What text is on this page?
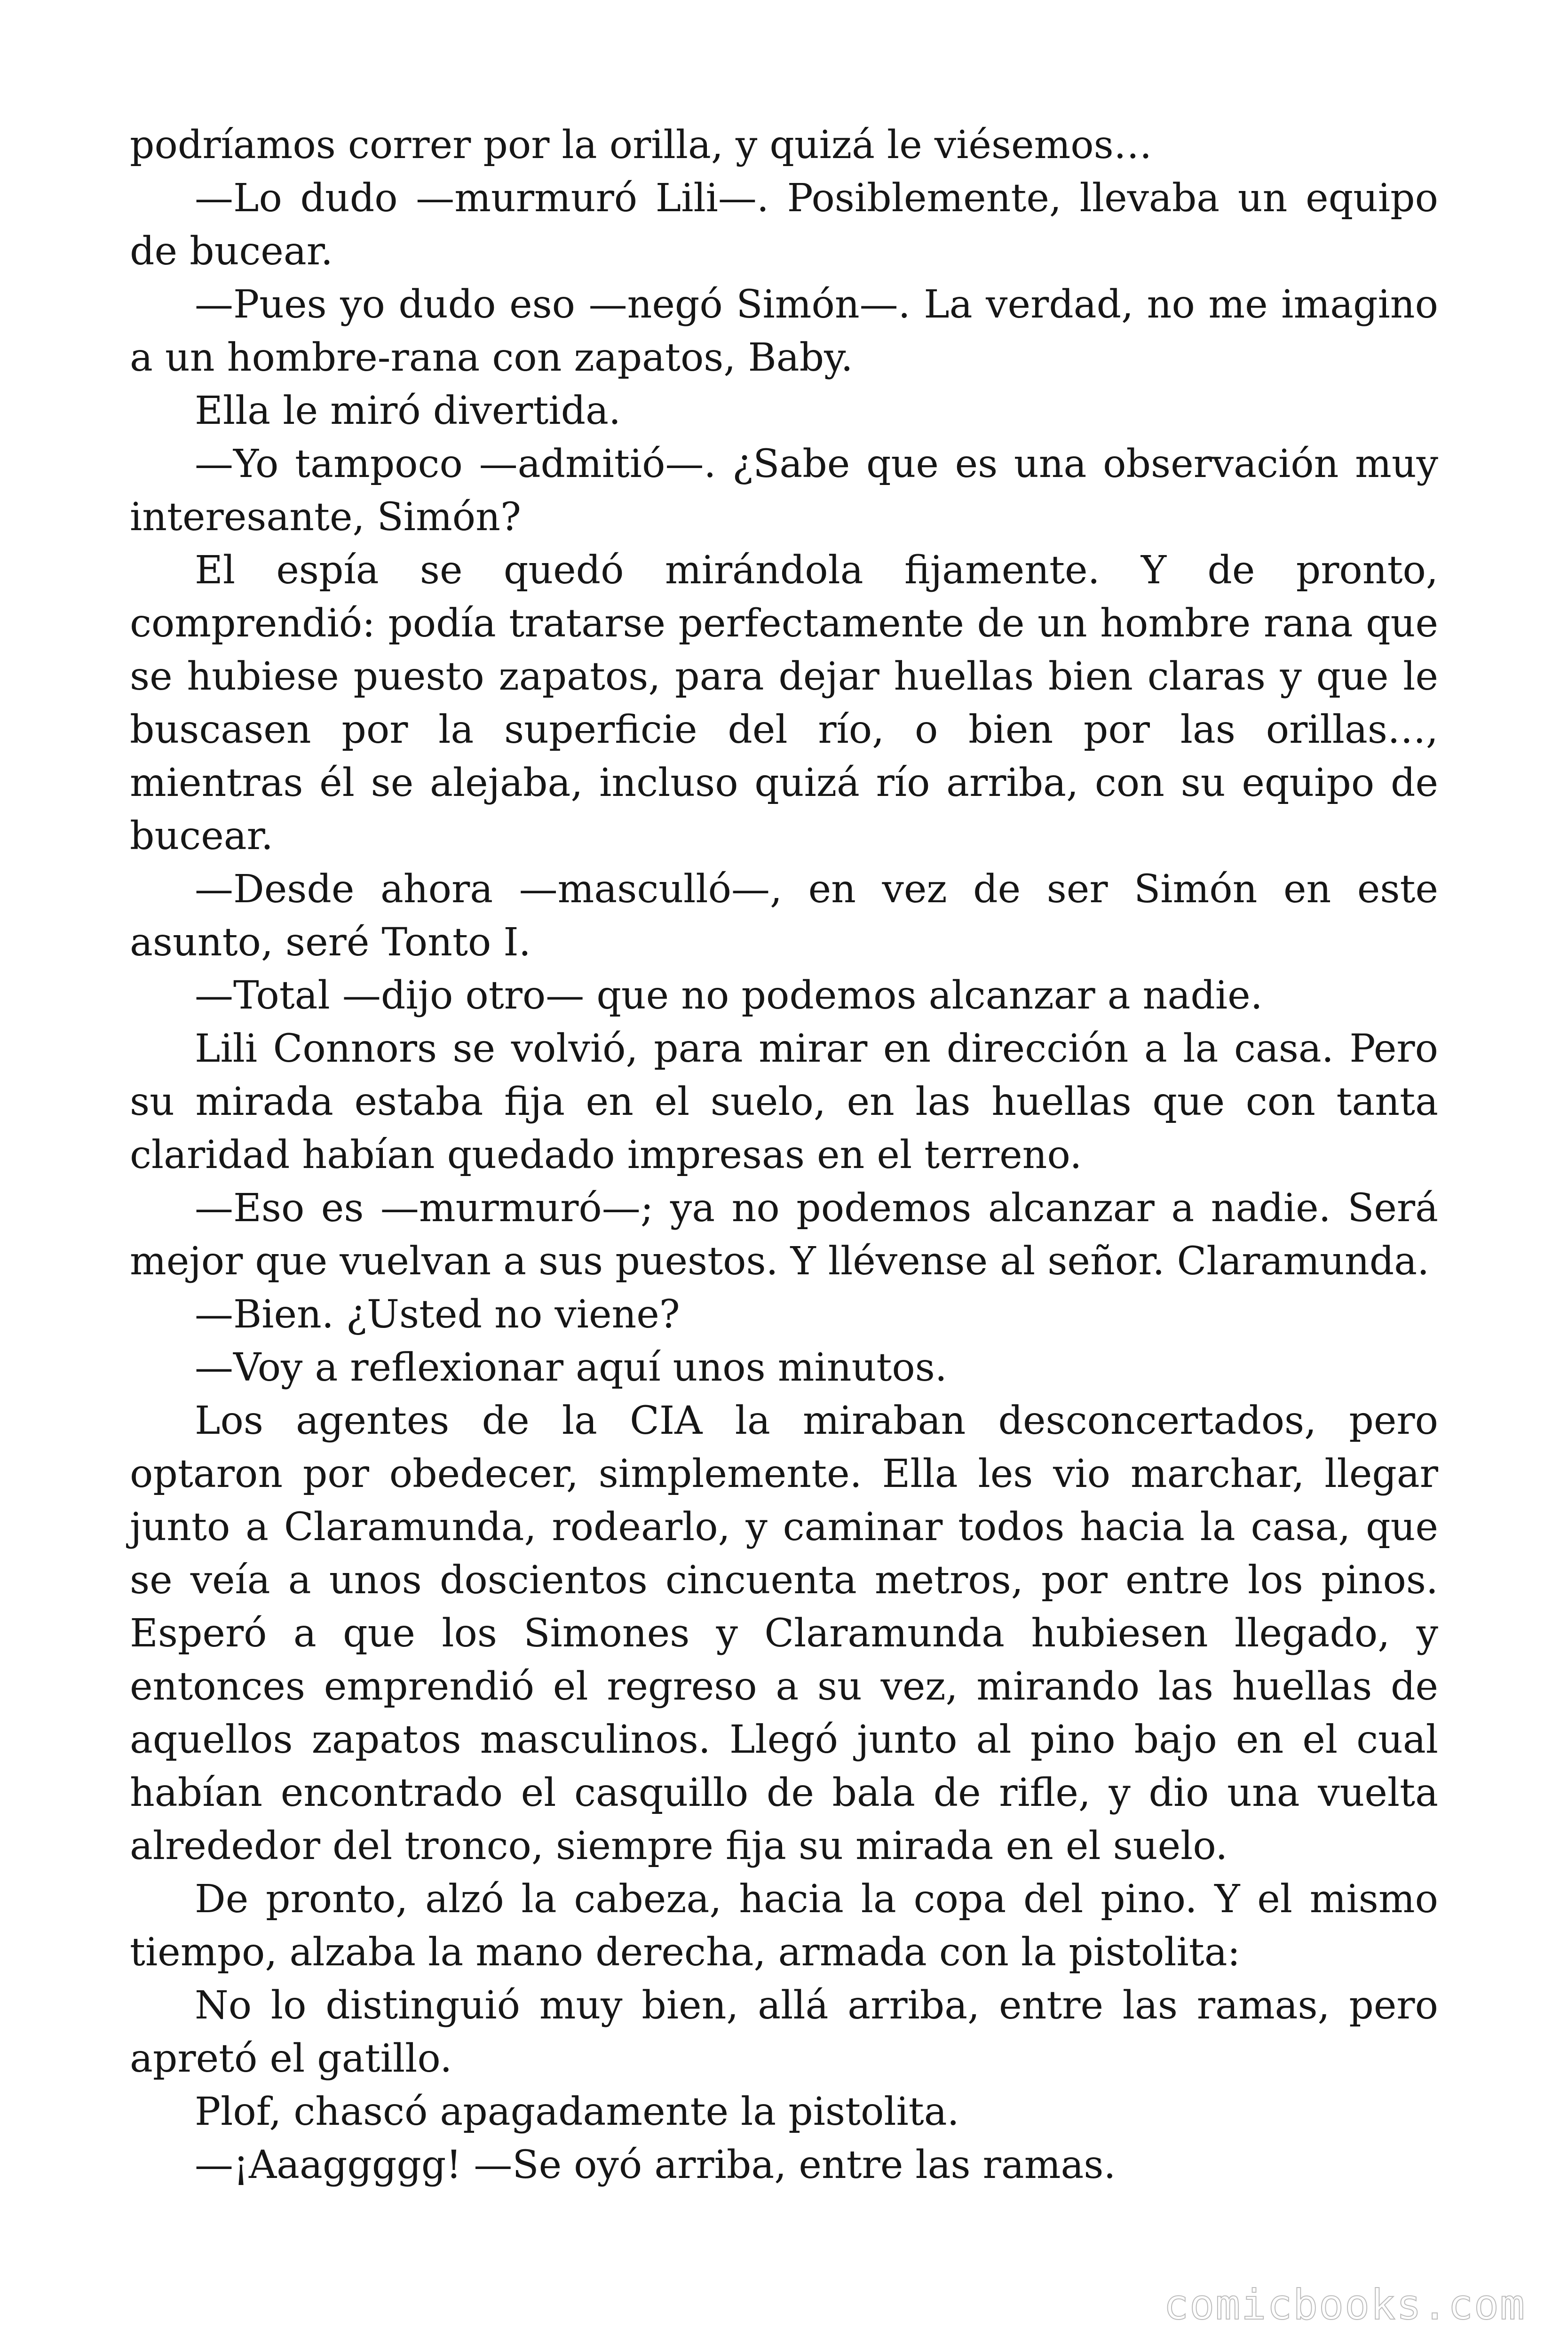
podríamos correr por la orilla, y quizá le viésemos…

—Lo dudo —murmuró Lili—. Posiblemente, llevaba un equipo de bucear.

—Pues yo dudo eso —negó Simón—. La verdad, no me imagino a un hombre-rana con zapatos, Baby.

Ella le miró divertida.

—Yo tampoco —admitió—. ¿Sabe que es una observación muy interesante, Simón?

El espía se quedó mirándola fijamente. Y de pronto, comprendió: podía tratarse perfectamente de un hombre rana que se hubiese puesto zapatos, para dejar huellas bien claras y que le buscasen por la superficie del río, o bien por las orillas…, mientras él se alejaba, incluso quizá río arriba, con su equipo de bucear.

—Desde ahora —masculló—, en vez de ser Simón en este asunto, seré Tonto I.

—Total —dijo otro— que no podemos alcanzar a nadie.

Lili Connors se volvió, para mirar en dirección a la casa. Pero su mirada estaba fija en el suelo, en las huellas que con tanta claridad habían quedado impresas en el terreno.

—Eso es —murmuró—; ya no podemos alcanzar a nadie. Será mejor que vuelvan a sus puestos. Y llévense al señor. Claramunda.

—Bien. ¿Usted no viene?

—Voy a reflexionar aquí unos minutos.

Los agentes de la CIA la miraban desconcertados, pero optaron por obedecer, simplemente. Ella les vio marchar, llegar junto a Claramunda, rodearlo, y caminar todos hacia la casa, que se veía a unos doscientos cincuenta metros, por entre los pinos. Esperó a que los Simones y Claramunda hubiesen llegado, y entonces emprendió el regreso a su vez, mirando las huellas de aquellos zapatos masculinos. Llegó junto al pino bajo en el cual habían encontrado el casquillo de bala de rifle, y dio una vuelta alrededor del tronco, siempre fija su mirada en el suelo.

De pronto, alzó la cabeza, hacia la copa del pino. Y el mismo tiempo, alzaba la mano derecha, armada con la pistolita:

No lo distinguió muy bien, allá arriba, entre las ramas, pero apretó el gatillo.

Plof, chascó apagadamente la pistolita.

—¡Aaaggggg! —Se oyó arriba, entre las ramas.

comicbooks.com
